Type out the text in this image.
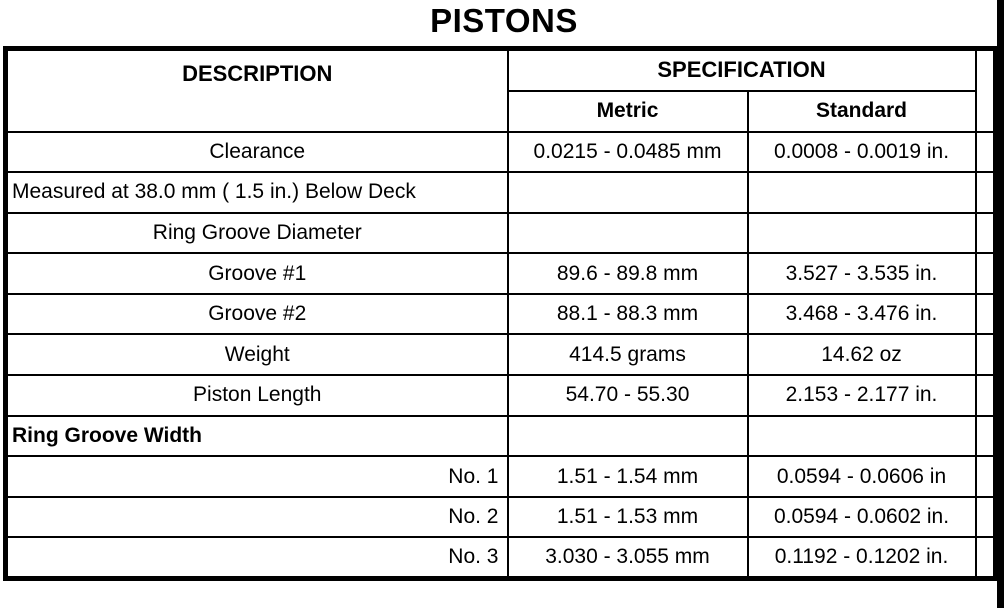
PISTONS
DESCRIPTION	SPECIFICATION		
	Metric	Standard	
Clearance	0.0215 - 0.0485 mm	0.0008 - 0.0019 in.	
Measured at 38.0 mm ( 1.5 in.) Below Deck			
Ring Groove Diameter			
Groove #1	89.6 - 89.8 mm	3.527 - 3.535 in.	
Groove #2	88.1 - 88.3 mm	3.468 - 3.476 in.	
Weight	414.5 grams	14.62 oz	
Piston Length	54.70 - 55.30	2.153 - 2.177 in.	
Ring Groove Width			
No. 1	1.51 - 1.54 mm	0.0594 - 0.0606 in	
No. 2	1.51 - 1.53 mm	0.0594 - 0.0602 in.	
No. 3	3.030 - 3.055 mm	0.1192 - 0.1202 in.	
